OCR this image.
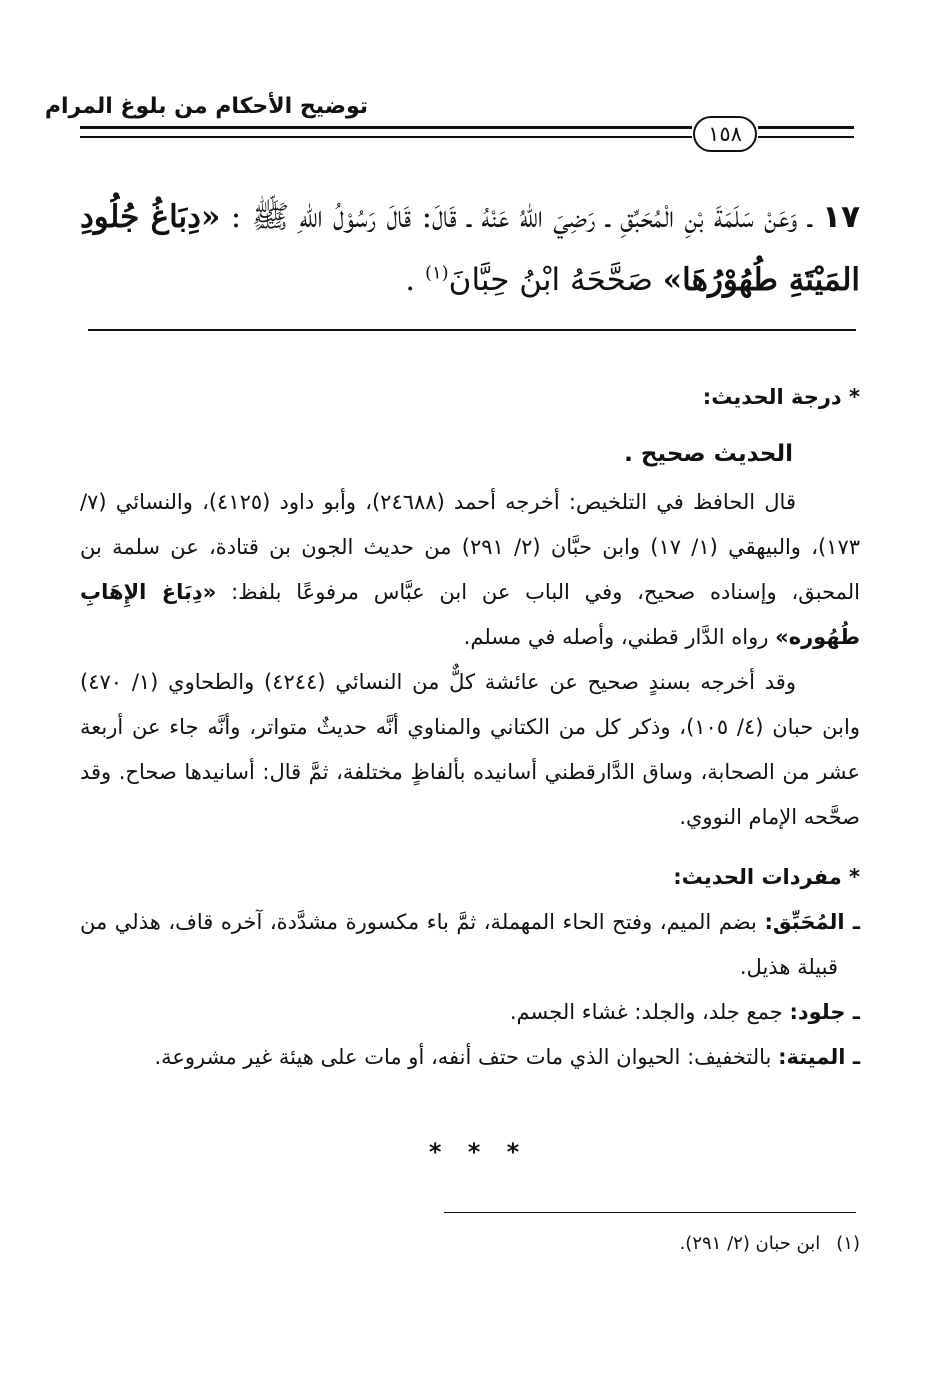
توضيح الأحكام من بلوغ المرام
١٥٨
١٧ ـ وَعَنْ سَلَمَةَ بْنِ الْمُحَبِّقِ ـ رَضِيَ اللهُ عَنْهُ ـ قَالَ: قَالَ رَسُوْلُ اللهِ ﷺ : «دِبَاغُ جُلُودِ المَيْتَةِ طُهُوْرُهَا» صَحَّحَهُ ابْنُ حِبَّانَ$^{(١)}$ .
* درجة الحديث:
الحديث صحيح .

قال الحافظ في التلخيص: أخرجه أحمد (٢٤٦٨٨)، وأبو داود (٤١٢٥)، والنسائي (٧/ ١٧٣)، والبيهقي (١/ ١٧) وابن حبَّان (٢/ ٢٩١) من حديث الجون بن قتادة، عن سلمة بن المحبق، وإسناده صحيح، وفي الباب عن ابن عبَّاس مرفوعًا بلفظ: «دِبَاغ الإِهَابِ طُهُوره» رواه الدَّار قطني، وأصله في مسلم.

وقد أخرجه بسندٍ صحيح عن عائشة كلٌّ من النسائي (٤٢٤٤) والطحاوي (١/ ٤٧٠) وابن حبان (٤/ ١٠٥)، وذكر كل من الكتاني والمناوي أنَّه حديثٌ متواتر، وأنَّه جاء عن أربعة عشر من الصحابة، وساق الدَّارقطني أسانيده بألفاظٍ مختلفة، ثمَّ قال: أسانيدها صحاح. وقد صحَّحه الإمام النووي.

* مفردات الحديث:

ـ المُحَبِّق: بضم الميم، وفتح الحاء المهملة، ثمَّ باء مكسورة مشدَّدة، آخره قاف، هذلي من قبيلة هذيل.

ـ جلود: جمع جلد، والجلد: غشاء الجسم.

ـ الميتة: بالتخفيف: الحيوان الذي مات حتف أنفه، أو مات على هيئة غير مشروعة.

* * *
(١)ابن حبان (٢/ ٢٩١).
